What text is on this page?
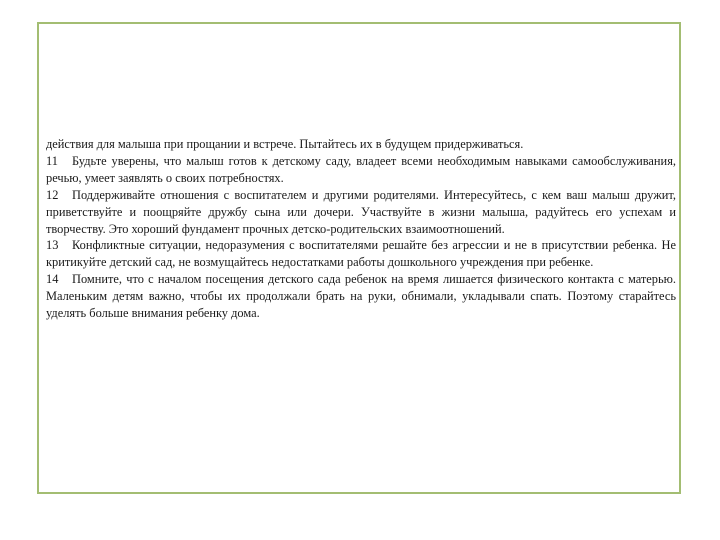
действия для малыша при прощании и встрече. Пытайтесь их в будущем придерживаться.

11 Будьте уверены, что малыш готов к детскому саду, владеет всеми необходимым навыками самообслуживания, речью, умеет заявлять о своих потребностях.

12 Поддерживайте отношения с воспитателем и другими родителями. Интересуйтесь, с кем ваш малыш дружит, приветствуйте и поощряйте дружбу сына или дочери. Участвуйте в жизни малыша, радуйтесь его успехам и творчеству. Это хороший фундамент прочных детско-родительских взаимоотношений.

13 Конфликтные ситуации, недоразумения с воспитателями решайте без агрессии и не в присутствии ребенка. Не критикуйте детский сад, не возмущайтесь недостатками работы дошкольного учреждения при ребенке.

14 Помните, что с началом посещения детского сада ребенок на время лишается физического контакта с матерью. Маленьким детям важно, чтобы их продолжали брать на руки, обнимали, укладывали спать. Поэтому старайтесь уделять больше внимания ребенку дома.
